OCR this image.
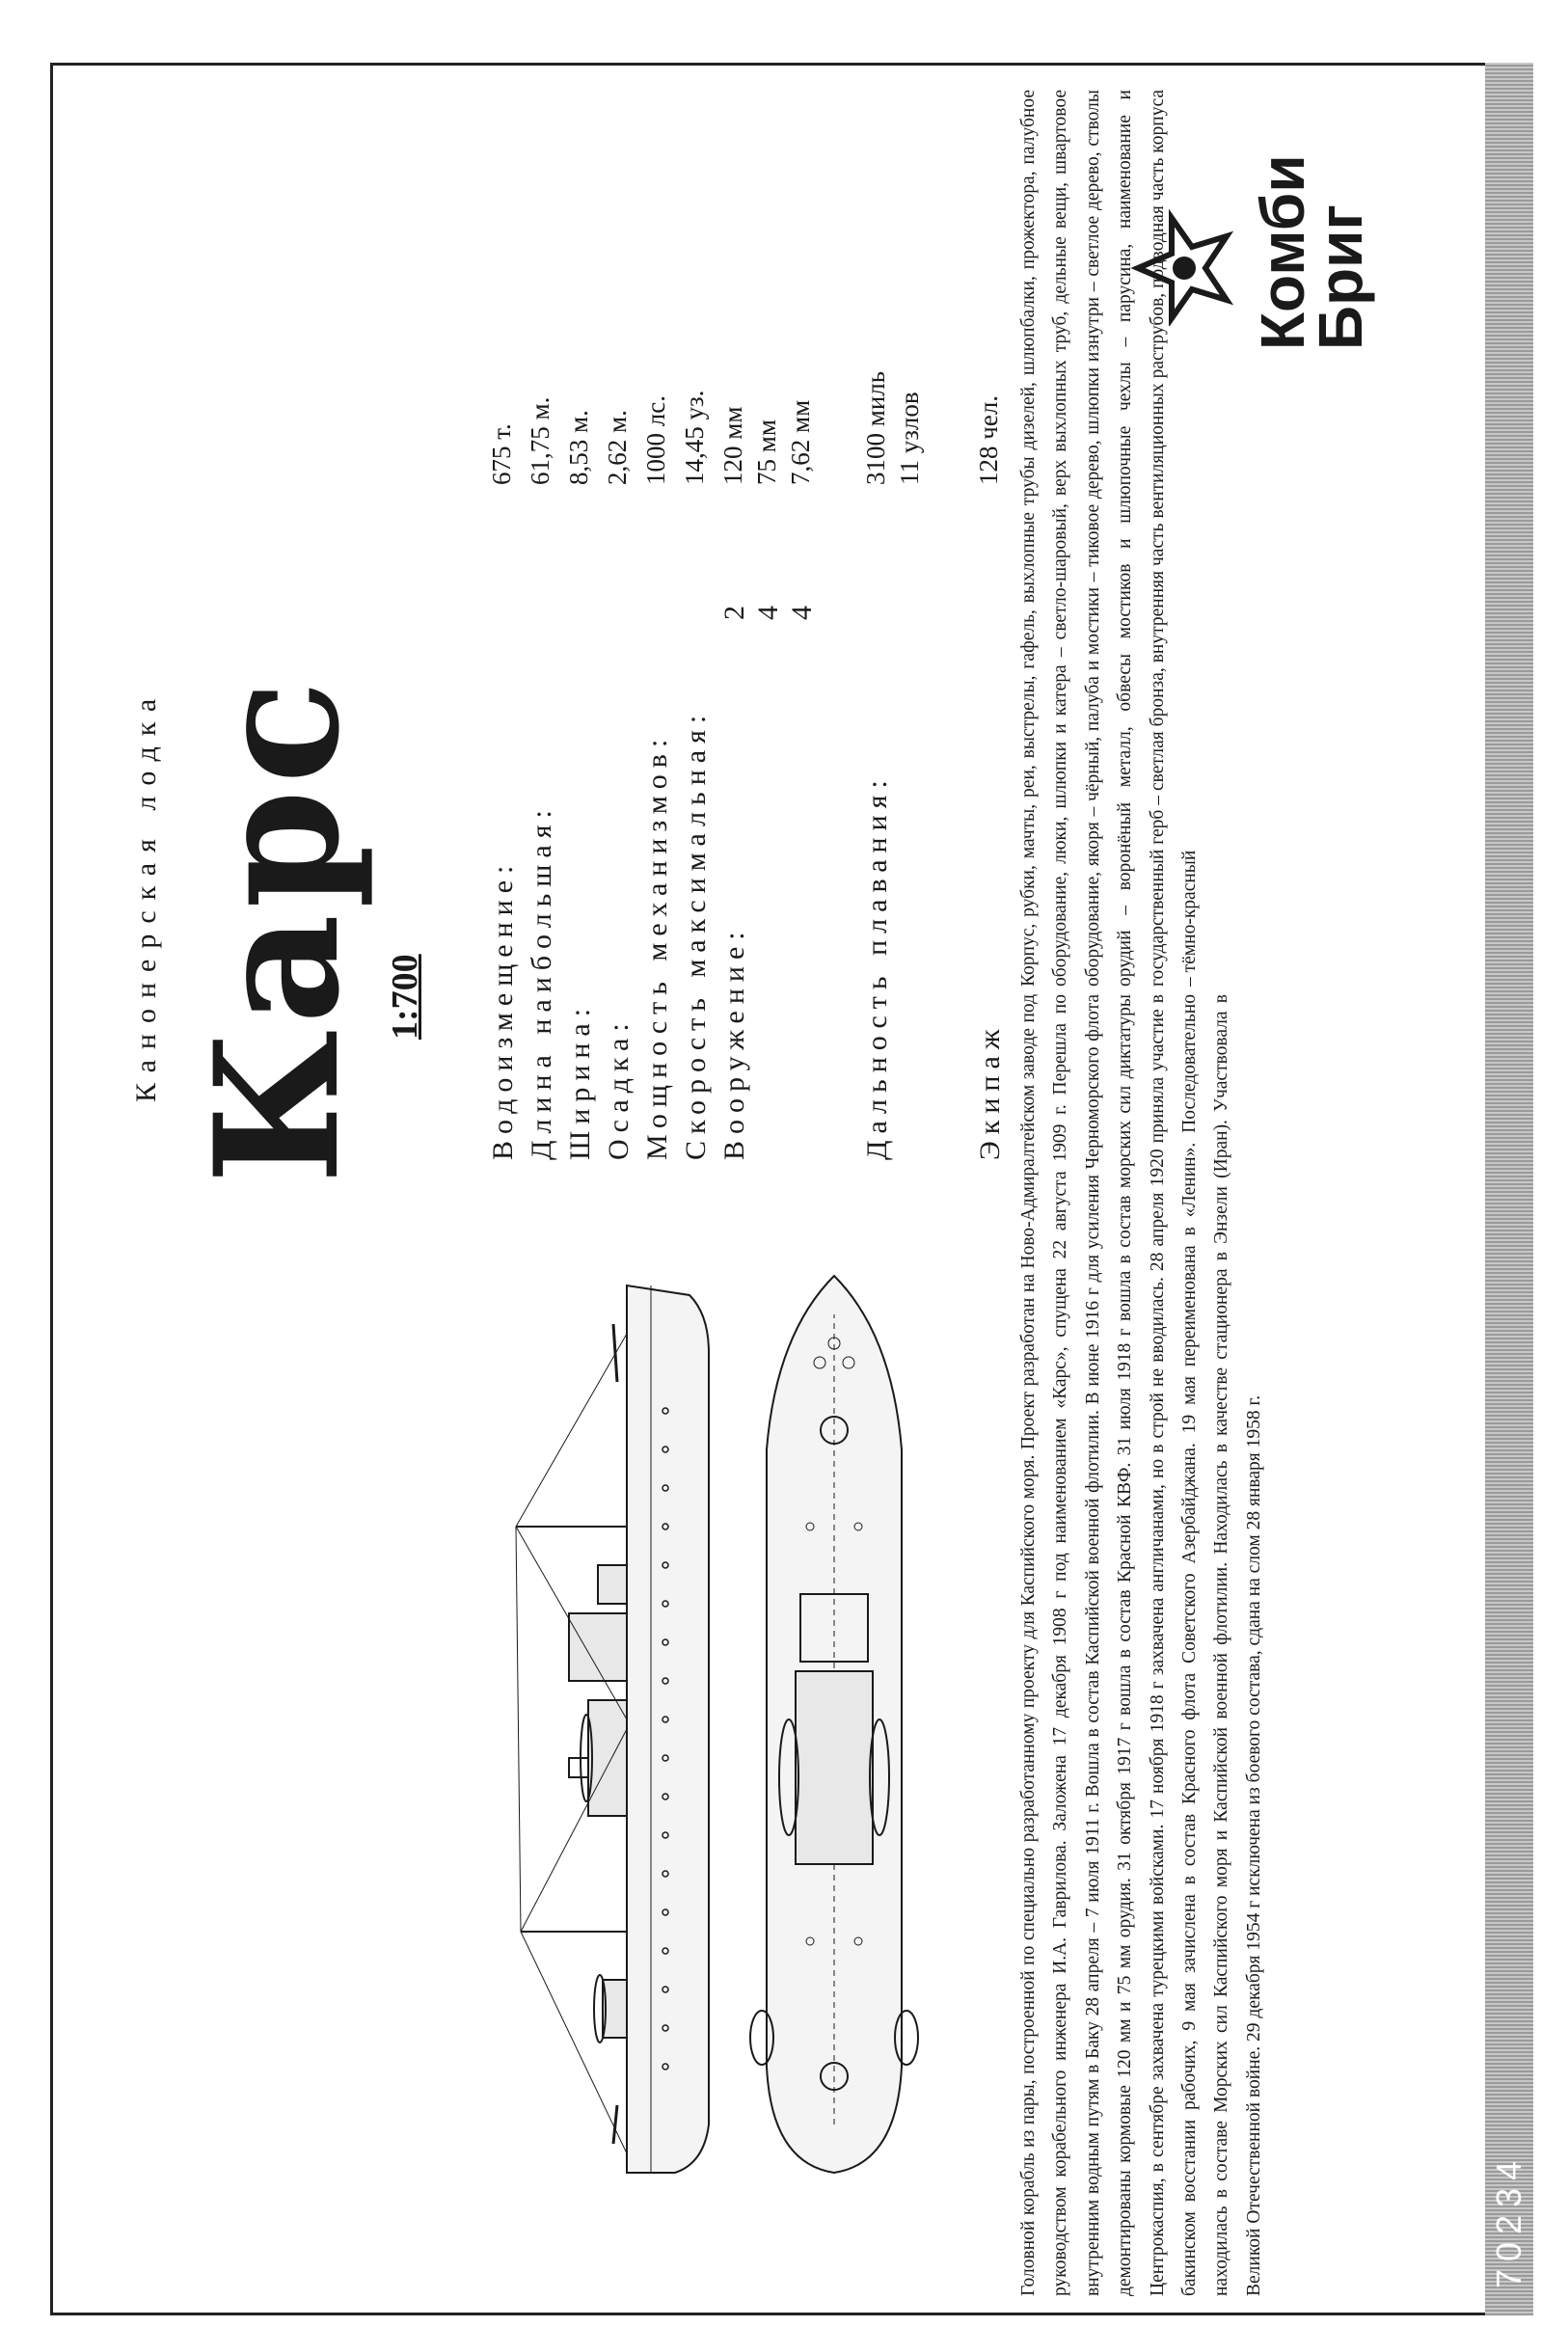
Канонерская лодка Карс 1:700 Водоизмещение:
675 т.
Длина наибольшая:
61,75 м.
Ширина:
8,53 м.
Осадка:
2,62 м.
Мощность механизмов:
1000 лс.
Скорость максимальная:
14,45 уз.
Вооружение:
2
120 мм
4
75 мм
4
7,62 мм
Дальность плавания:
3100 миль 11 узлов
Экипаж
128 чел.
Головной корабль из пары, построенной по специально разработанному проекту для Каспийского моря. Проект разработан на Ново-Адмиралтейском заводе под руководством корабельного инженера И.А. Гаврилова. Заложена 17 декабря 1908 г под наименованием «Карс», спущена 22 августа 1909 г. Перешла по внутренним водным путям в Баку 28 апреля – 7 июля 1911 г. Вошла в состав Каспийской военной флотилии. В июне 1916 г для усиления Черноморского флота демонтированы кормовые 120 мм и 75 мм орудия. 31 октября 1917 г вошла в состав Красной КВФ. 31 июля 1918 г вошла в состав морских сил диктатуры Центрокаспия, в сентябре захвачена турецкими войсками. 17 ноября 1918 г захвачена англичанами, но в строй не вводилась. 28 апреля 1920 приняла участие в бакинском восстании рабочих, 9 мая зачислена в состав Красного флота Советского Азербайджана. 19 мая переименована в «Ленин». Последовательно находилась в составе Морских сил Каспийского моря и Каспийской военной флотилии. Находилась в качестве стационера в Энзели (Иран). Участвовала в Великой Отечественной войне. 29 декабря 1954 г исключена из боевого состава, сдана на слом 28 января 1958 г.
Корпус, рубки, мачты, реи, выстрелы, гафель, выхлопные трубы дизелей, шлюпбалки, прожектора, палубное оборудование, люки, шлюпки и катера – светло-шаровый, верх выхлопных труб, дельные вещи, швартовое оборудование, якоря – чёрный, палуба и мостики – тиковое дерево, шлюпки изнутри – светлое дерево, стволы орудий – воронёный металл, обвесы мостиков и шлюпочные чехлы – парусина, наименование и государственный герб – светлая бронза, внутренняя часть вентиляционных раструбов, подводная часть корпуса – тёмно-красный
70234
Комби
Бриг
